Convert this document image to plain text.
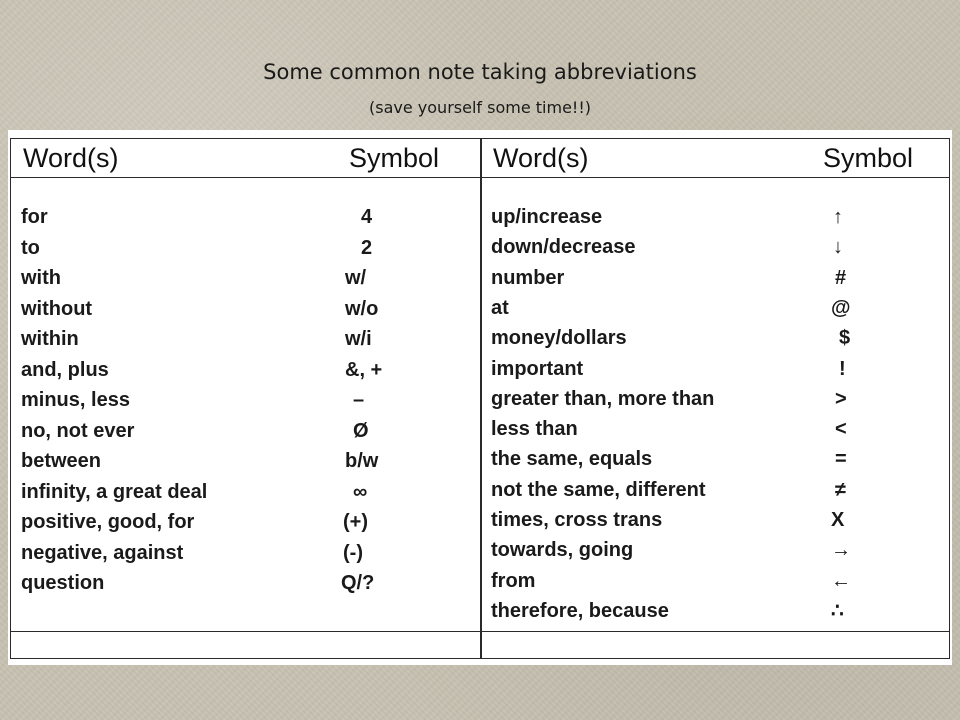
Some common note taking abbreviations

(save yourself some time!!)

Word(s)	Symbol
for	4
to	2
with	w/
without	w/o
within	w/i
and, plus	&, +
minus, less	–
no, not ever	Ø
between	b/w
infinity, a great deal	∞
positive, good, for	(+)
negative, against	(-)
question	Q/?
Word(s)	Symbol
up/increase	↑
down/decrease	↓
number	#
at	@
money/dollars	$
important	!
greater than, more than	>
less than	<
the same, equals	=
not the same, different	≠
times, cross trans	X
towards, going	→
from	←
therefore, because	∴
